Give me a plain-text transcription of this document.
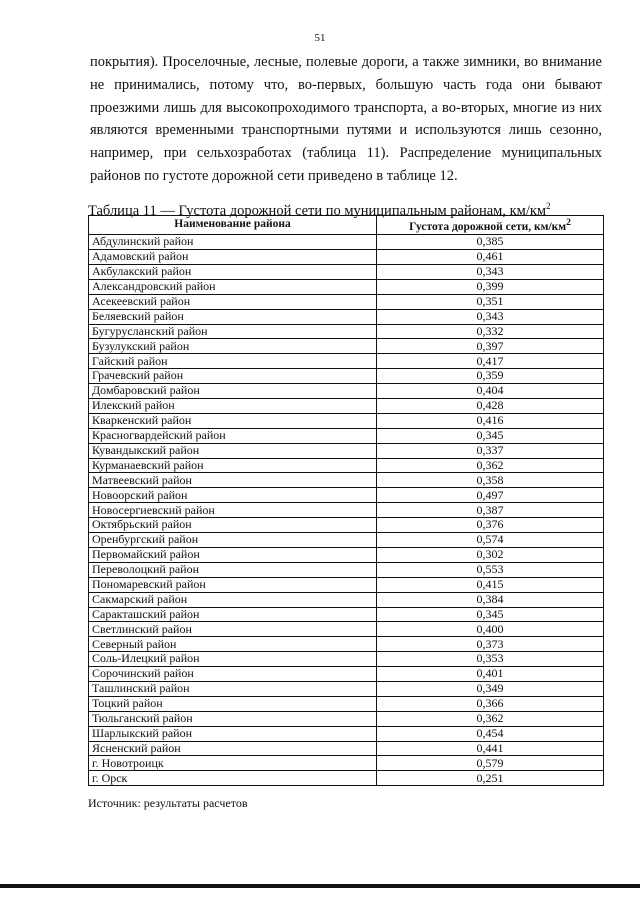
51

покрытия). Проселочные, лесные, полевые дороги, а также зимники, во внимание не принимались, потому что, во-первых, большую часть года они бывают проезжими лишь для высокопроходимого транспорта, а во-вторых, многие из них являются временными транспортными путями и используются лишь сезонно, например, при сельхозработах (таблица 11). Распределение муниципальных районов по густоте дорожной сети приведено в таблице 12.

Таблица 11 — Густота дорожной сети по муниципальным районам, $км/км^2$
Наименование района	Густота дорожной сети, $км/км^2$
Абдулинский район	0,385
Адамовский район	0,461
Акбулакский район	0,343
Александровский район	0,399
Асекеевский район	0,351
Беляевский район	0,343
Бугурусланский район	0,332
Бузулукский район	0,397
Гайский район	0,417
Грачевский район	0,359
Домбаровский район	0,404
Илекский район	0,428
Кваркенский район	0,416
Красногвардейский район	0,345
Кувандыкский район	0,337
Курманаевский район	0,362
Матвеевский район	0,358
Новоорский район	0,497
Новосергиевский район	0,387
Октябрьский район	0,376
Оренбургский район	0,574
Первомайский район	0,302
Переволоцкий район	0,553
Пономаревский район	0,415
Сакмарский район	0,384
Саракташский район	0,345
Светлинский район	0,400
Северный район	0,373
Соль-Илецкий район	0,353
Сорочинский район	0,401
Ташлинский район	0,349
Тоцкий район	0,366
Тюльганский район	0,362
Шарлыкский район	0,454
Ясненский район	0,441
г. Новотроицк	0,579
г. Орск	0,251
Источник: результаты расчетов
